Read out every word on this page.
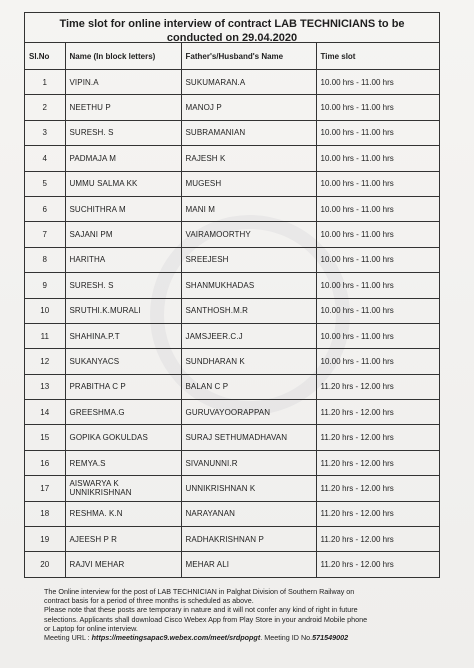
Time slot for online interview of contract LAB TECHNICIANS to be
conducted on 29.04.2020
Sl.No	Name (In block letters)	Father's/Husband's Name	Time slot
1	VIPIN.A	SUKUMARAN.A	10.00 hrs - 11.00 hrs
2	NEETHU P	MANOJ P	10.00 hrs - 11.00 hrs
3	SURESH. S	SUBRAMANIAN	10.00 hrs - 11.00 hrs
4	PADMAJA M	RAJESH K	10.00 hrs - 11.00 hrs
5	UMMU SALMA KK	MUGESH	10.00 hrs - 11.00 hrs
6	SUCHITHRA M	MANI M	10.00 hrs - 11.00 hrs
7	SAJANI PM	VAIRAMOORTHY	10.00 hrs - 11.00 hrs
8	HARITHA	SREEJESH	10.00 hrs - 11.00 hrs
9	SURESH. S	SHANMUKHADAS	10.00 hrs - 11.00 hrs
10	SRUTHI.K.MURALI	SANTHOSH.M.R	10.00 hrs - 11.00 hrs
11	SHAHINA.P.T	JAMSJEER.C.J	10.00 hrs - 11.00 hrs
12	SUKANYACS	SUNDHARAN K	10.00 hrs - 11.00 hrs
13	PRABITHA C P	BALAN C P	11.20 hrs - 12.00 hrs
14	GREESHMA.G	GURUVAYOORAPPAN	11.20 hrs - 12.00 hrs
15	GOPIKA GOKULDAS	SURAJ SETHUMADHAVAN	11.20 hrs - 12.00 hrs
16	REMYA.S	SIVANUNNI.R	11.20 hrs - 12.00 hrs
17	AISWARYA K UNNIKRISHNAN	UNNIKRISHNAN K	11.20 hrs - 12.00 hrs
18	RESHMA. K.N	NARAYANAN	11.20 hrs - 12.00 hrs
19	AJEESH P R	RADHAKRISHNAN P	11.20 hrs - 12.00 hrs
20	RAJVI MEHAR	MEHAR ALI	11.20 hrs - 12.00 hrs

The Online interview for the post of LAB TECHNICIAN in Palghat Division of Southern Railway on

contract basis for a period of three months is scheduled as above.

Please note that these posts are temporary in nature and it will not confer any kind of right in future

selections. Applicants shall download Cisco Webex App from Play Store in your android Mobile phone

or Laptop for online interview.

Meeting URL : https://meetingsapac9.webex.com/meet/srdpopgt. Meeting ID No.571549002
